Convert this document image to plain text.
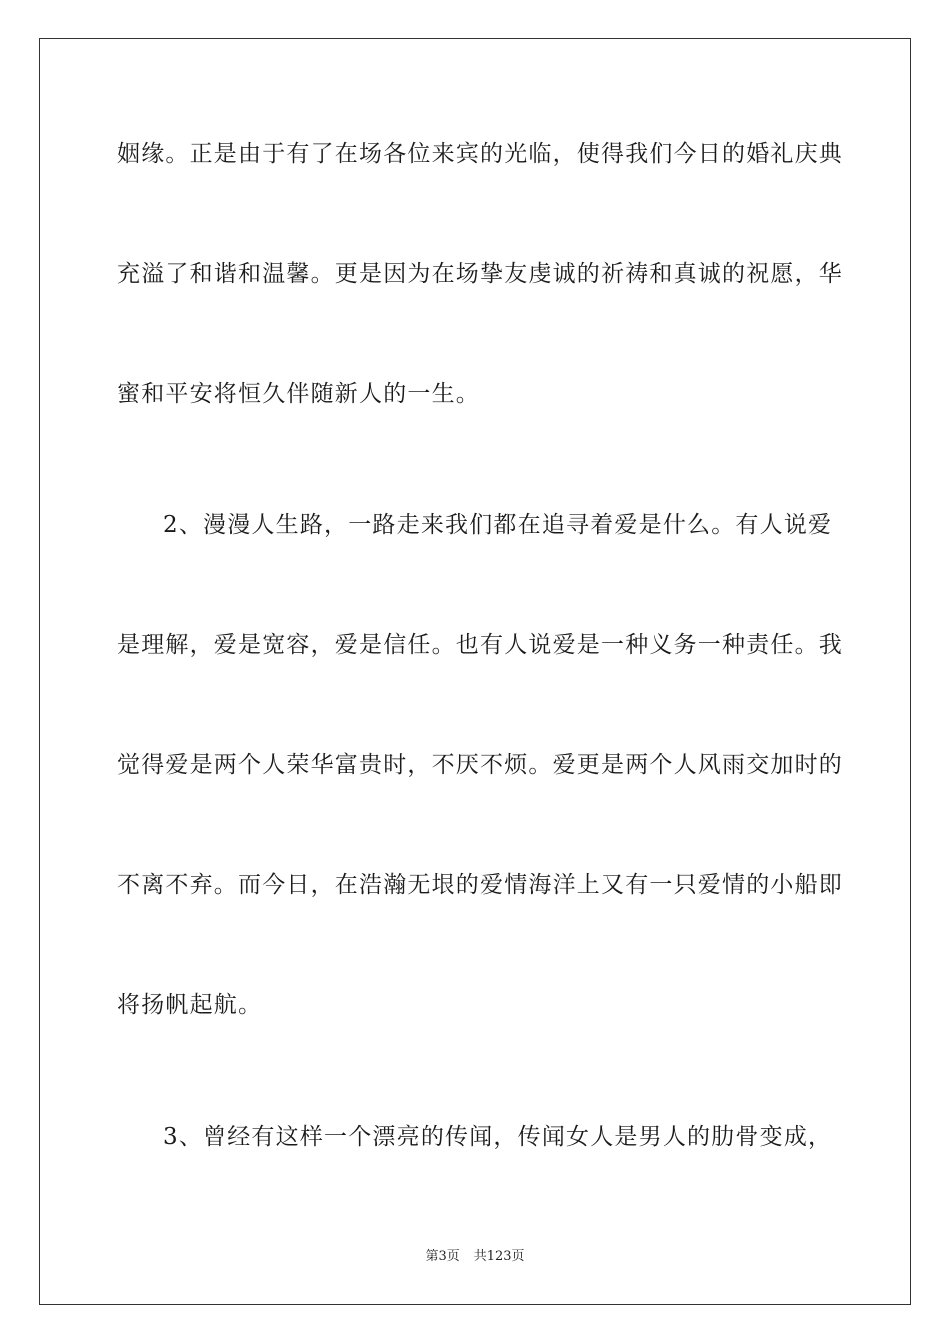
姻缘。正是由于有了在场各位来宾的光临，使得我们今日的婚礼庆典
充溢了和谐和温馨。更是因为在场挚友虔诚的祈祷和真诚的祝愿，华
蜜和平安将恒久伴随新人的一生。
2、漫漫人生路，一路走来我们都在追寻着爱是什么。有人说爱
是理解，爱是宽容，爱是信任。也有人说爱是一种义务一种责任。我
觉得爱是两个人荣华富贵时，不厌不烦。爱更是两个人风雨交加时的
不离不弃。而今日，在浩瀚无垠的爱情海洋上又有一只爱情的小船即
将扬帆起航。
3、曾经有这样一个漂亮的传闻，传闻女人是男人的肋骨变成，
第3页 共123页
